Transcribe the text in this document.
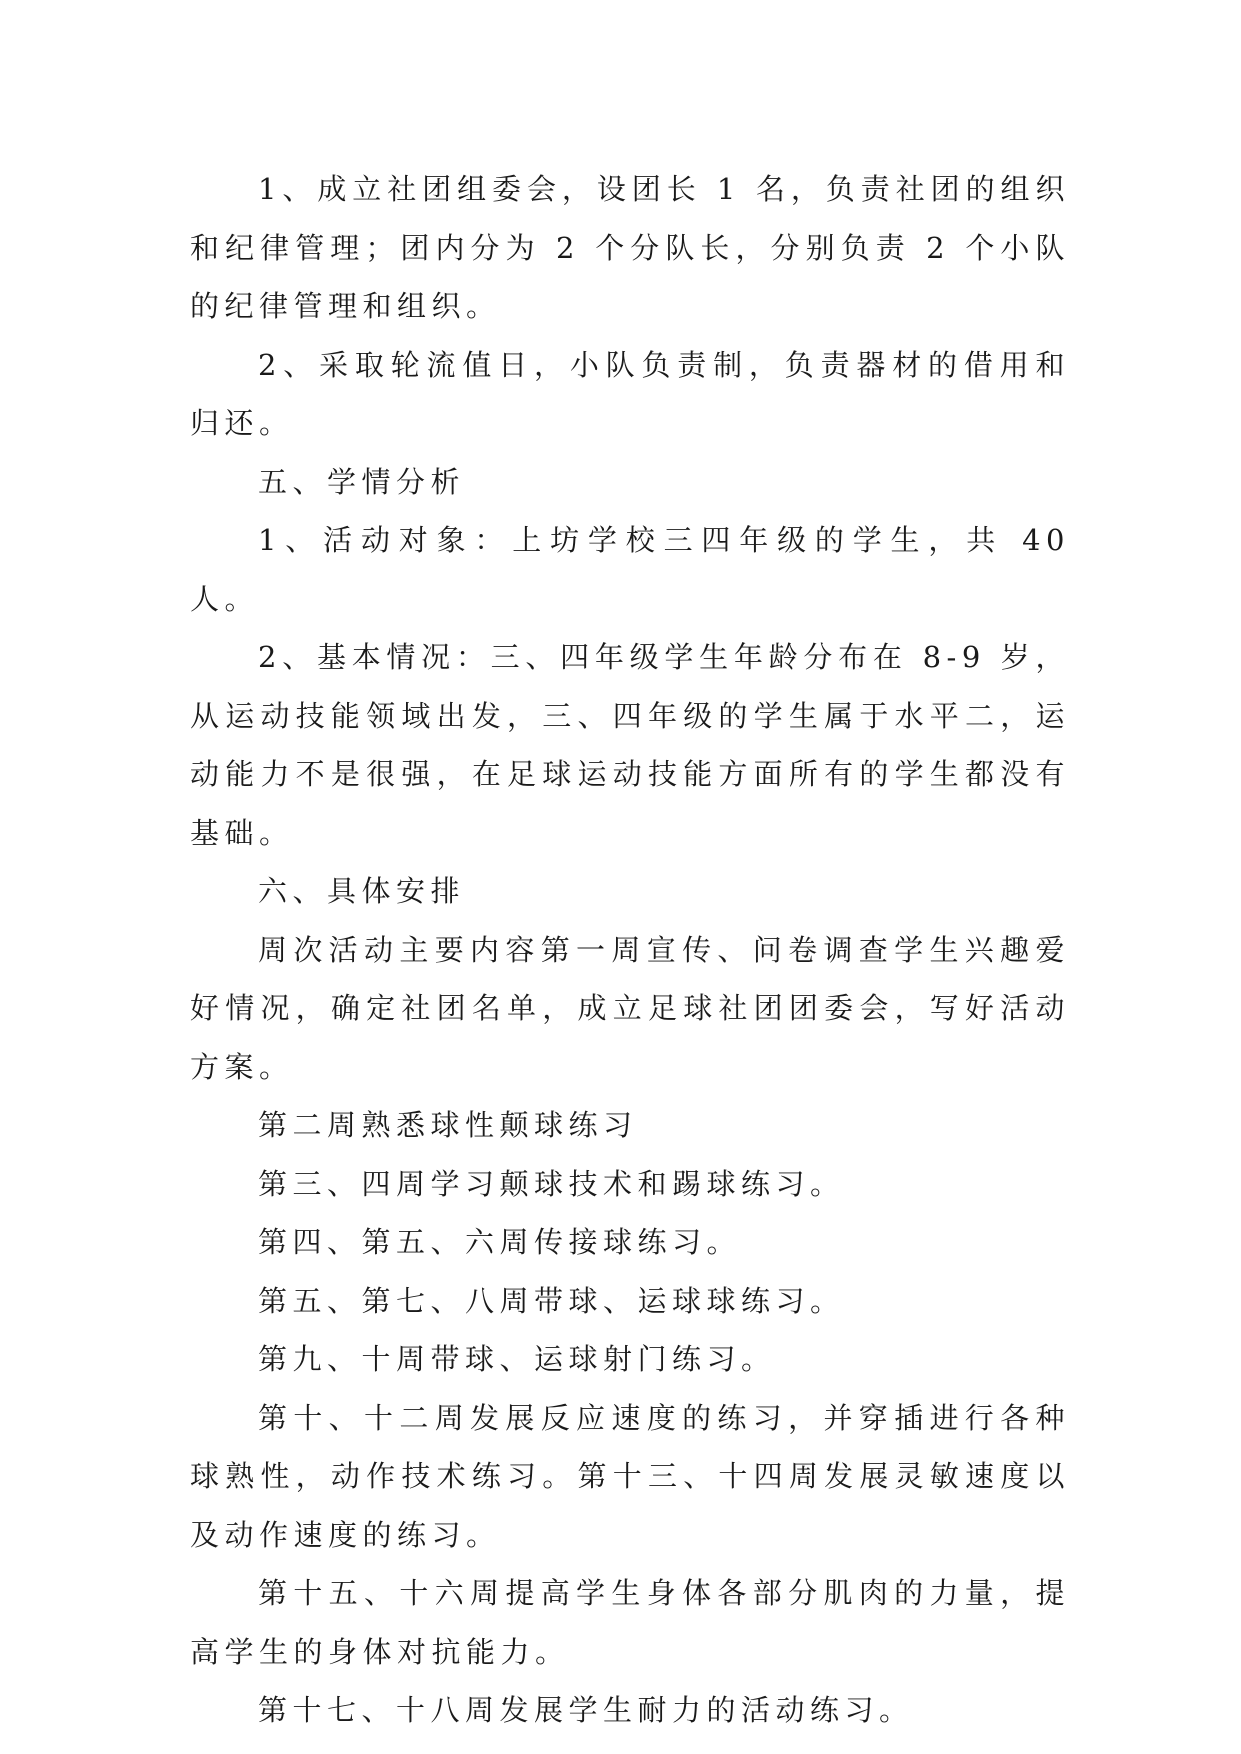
1、成立社团组委会，设团长 1 名，负责社团的组织和纪律管理；团内分为 2 个分队长，分别负责 2 个小队的纪律管理和组织。

2、采取轮流值日，小队负责制，负责器材的借用和归还。

五、学情分析

1、活动对象：上坊学校三四年级的学生，共 40 人。

2、基本情况：三、四年级学生年龄分布在 8-9 岁，从运动技能领域出发，三、四年级的学生属于水平二，运动能力不是很强，在足球运动技能方面所有的学生都没有基础。

六、具体安排

周次活动主要内容第一周宣传、问卷调查学生兴趣爱好情况，确定社团名单，成立足球社团团委会，写好活动方案。

第二周熟悉球性颠球练习

第三、四周学习颠球技术和踢球练习。

第四、第五、六周传接球练习。

第五、第七、八周带球、运球球练习。

第九、十周带球、运球射门练习。

第十、十二周发展反应速度的练习，并穿插进行各种球熟性，动作技术练习。第十三、十四周发展灵敏速度以及动作速度的练习。

第十五、十六周提高学生身体各部分肌肉的力量，提高学生的身体对抗能力。

第十七、十八周发展学生耐力的活动练习。
